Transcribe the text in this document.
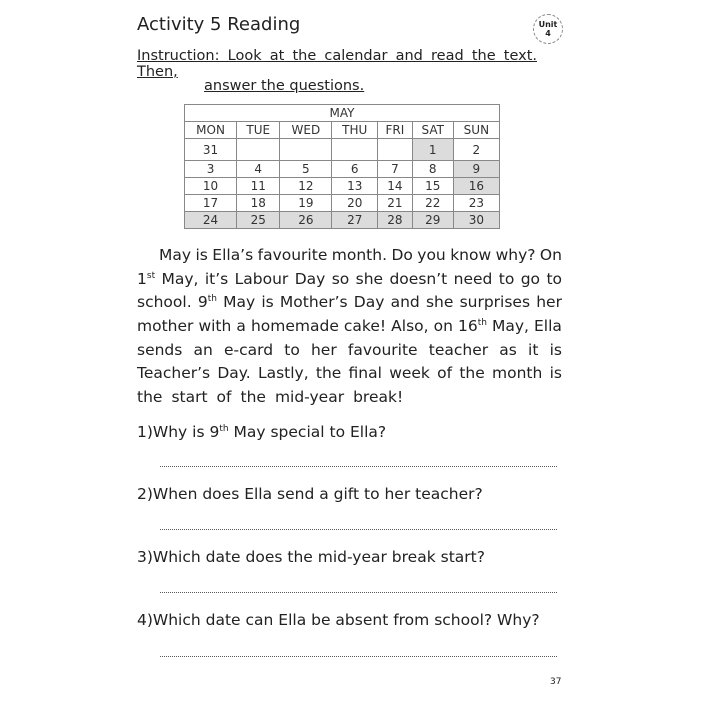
Activity 5 Reading	Unit
4
Instruction: Look at the calendar and read the text. Then,
answer the questions.
MAY						
MON	TUE	WED	THU	FRI	SAT	SUN
31					1	2
3	4	5	6	7	8	9
10	11	12	13	14	15	16
17	18	19	20	21	22	23
24	25	26	27	28	29	30
May is Ella’s favourite month. Do you know why? On
1st May, it’s Labour Day so she doesn’t need to go to
school. 9th May is Mother’s Day and she surprises her
mother with a homemade cake! Also, on 16th May, Ella
sends an e-card to her favourite teacher as it is
Teacher’s Day. Lastly, the final week of the month is
the start of the mid-year break!
1)Why is 9th May special to Ella?
2)When does Ella send a gift to her teacher?
3)Which date does the mid-year break start?
4)Which date can Ella be absent from school? Why?
37
